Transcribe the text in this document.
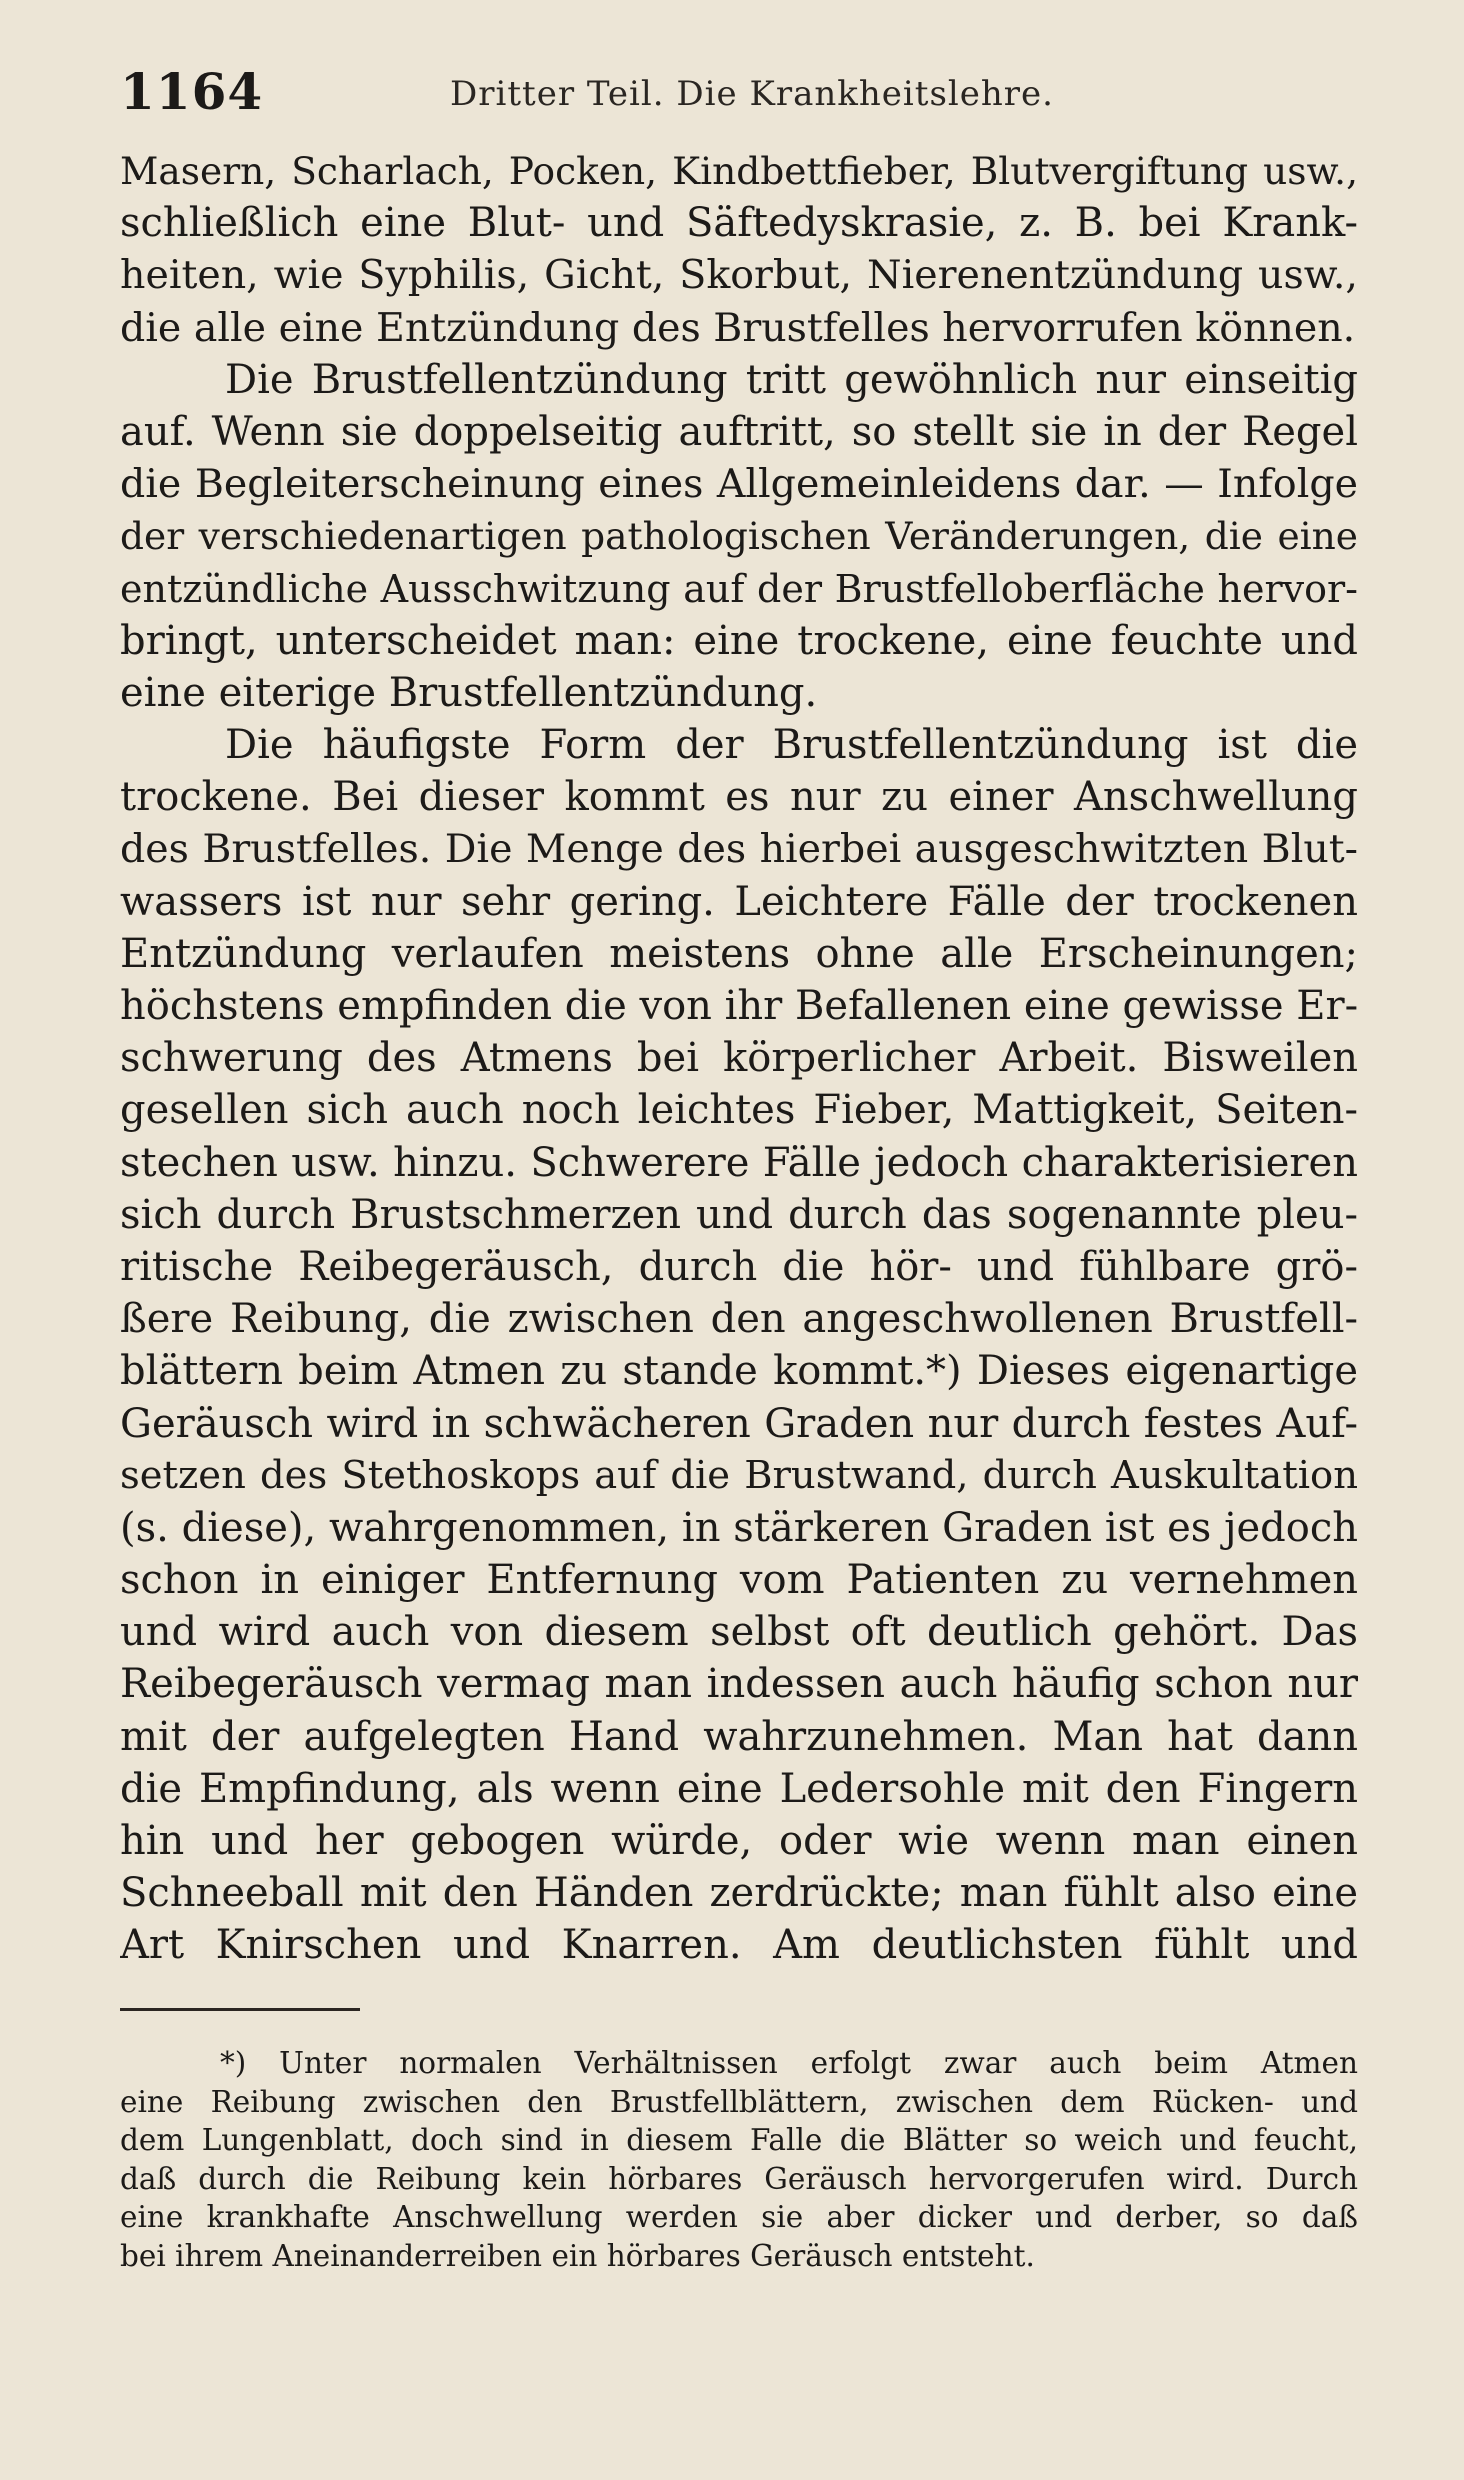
1164	Dritter Teil. Die Krankheitslehre.
Masern, Scharlach, Pocken, Kindbettfieber, Blutvergiftung usw.,
schließlich eine Blut- und Säftedyskrasie, z. B. bei Krank-
heiten, wie Syphilis, Gicht, Skorbut, Nierenentzündung usw.,
die alle eine Entzündung des Brustfelles hervorrufen können.
Die Brustfellentzündung tritt gewöhnlich nur einseitig
auf. Wenn sie doppelseitig auftritt, so stellt sie in der Regel
die Begleiterscheinung eines Allgemeinleidens dar. — Infolge
der verschiedenartigen pathologischen Veränderungen, die eine
entzündliche Ausschwitzung auf der Brustfelloberfläche hervor-
bringt, unterscheidet man: eine trockene, eine feuchte und
eine eiterige Brustfellentzündung.
Die häufigste Form der Brustfellentzündung ist die
trockene. Bei dieser kommt es nur zu einer Anschwellung
des Brustfelles. Die Menge des hierbei ausgeschwitzten Blut-
wassers ist nur sehr gering. Leichtere Fälle der trockenen
Entzündung verlaufen meistens ohne alle Erscheinungen;
höchstens empfinden die von ihr Befallenen eine gewisse Er-
schwerung des Atmens bei körperlicher Arbeit. Bisweilen
gesellen sich auch noch leichtes Fieber, Mattigkeit, Seiten-
stechen usw. hinzu. Schwerere Fälle jedoch charakterisieren
sich durch Brustschmerzen und durch das sogenannte pleu-
ritische Reibegeräusch, durch die hör- und fühlbare grö-
ßere Reibung, die zwischen den angeschwollenen Brustfell-
blättern beim Atmen zu stande kommt.*) Dieses eigenartige
Geräusch wird in schwächeren Graden nur durch festes Auf-
setzen des Stethoskops auf die Brustwand, durch Auskultation
(s. diese), wahrgenommen, in stärkeren Graden ist es jedoch
schon in einiger Entfernung vom Patienten zu vernehmen
und wird auch von diesem selbst oft deutlich gehört. Das
Reibegeräusch vermag man indessen auch häufig schon nur
mit der aufgelegten Hand wahrzunehmen. Man hat dann
die Empfindung, als wenn eine Ledersohle mit den Fingern
hin und her gebogen würde, oder wie wenn man einen
Schneeball mit den Händen zerdrückte; man fühlt also eine
Art Knirschen und Knarren. Am deutlichsten fühlt und
*) Unter normalen Verhältnissen erfolgt zwar auch beim Atmen
eine Reibung zwischen den Brustfellblättern, zwischen dem Rücken- und
dem Lungenblatt, doch sind in diesem Falle die Blätter so weich und feucht,
daß durch die Reibung kein hörbares Geräusch hervorgerufen wird. Durch
eine krankhafte Anschwellung werden sie aber dicker und derber, so daß
bei ihrem Aneinanderreiben ein hörbares Geräusch entsteht.
